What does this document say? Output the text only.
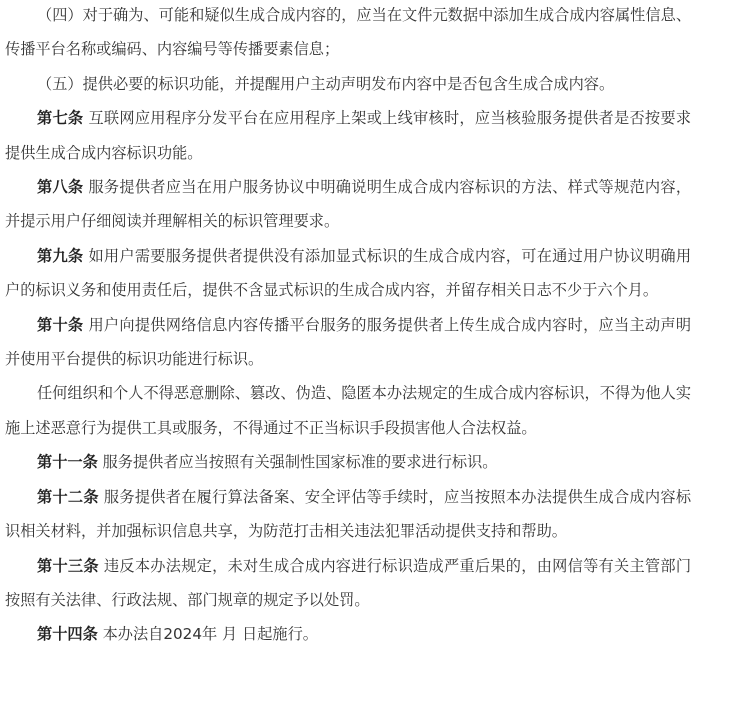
（四）对于确为、可能和疑似生成合成内容的，应当在文件元数据中添加生成合成内容属性信息、传播平台名称或编码、内容编号等传播要素信息；

（五）提供必要的标识功能，并提醒用户主动声明发布内容中是否包含生成合成内容。

第七条 互联网应用程序分发平台在应用程序上架或上线审核时，应当核验服务提供者是否按要求提供生成合成内容标识功能。

第八条 服务提供者应当在用户服务协议中明确说明生成合成内容标识的方法、样式等规范内容，并提示用户仔细阅读并理解相关的标识管理要求。

第九条 如用户需要服务提供者提供没有添加显式标识的生成合成内容，可在通过用户协议明确用户的标识义务和使用责任后，提供不含显式标识的生成合成内容，并留存相关日志不少于六个月。

第十条 用户向提供网络信息内容传播平台服务的服务提供者上传生成合成内容时，应当主动声明并使用平台提供的标识功能进行标识。

任何组织和个人不得恶意删除、篡改、伪造、隐匿本办法规定的生成合成内容标识，不得为他人实施上述恶意行为提供工具或服务，不得通过不正当标识手段损害他人合法权益。

第十一条 服务提供者应当按照有关强制性国家标准的要求进行标识。

第十二条 服务提供者在履行算法备案、安全评估等手续时，应当按照本办法提供生成合成内容标识相关材料，并加强标识信息共享，为防范打击相关违法犯罪活动提供支持和帮助。

第十三条 违反本办法规定，未对生成合成内容进行标识造成严重后果的，由网信等有关主管部门按照有关法律、行政法规、部门规章的规定予以处罚。

第十四条 本办法自2024年 月 日起施行。
